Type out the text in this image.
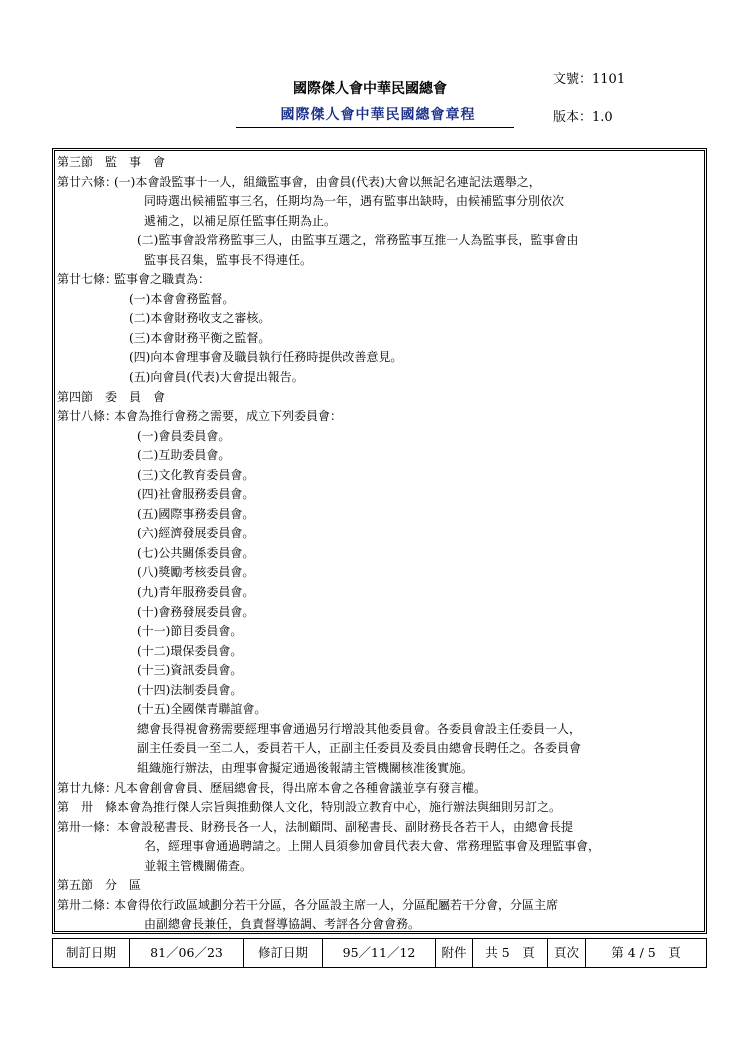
國際傑人會中華民國總會
國際傑人會中華民國總會章程
文號：1101
版本：1.0
第三節　監　事　會
第廿六條：
(一)本會設監事十一人，組織監事會，由會員(代表)大會以無記名連記法選舉之，
同時選出候補監事三名，任期均為一年，遇有監事出缺時，由候補監事分別依次
遞補之，以補足原任監事任期為止。
(二)監事會設常務監事三人，由監事互選之，常務監事互推一人為監事長，監事會由
監事長召集，監事長不得連任。
第廿七條：
監事會之職責為：
(一)本會會務監督。
(二)本會財務收支之審核。
(三)本會財務平衡之監督。
(四)向本會理事會及職員執行任務時提供改善意見。
(五)向會員(代表)大會提出報告。
第四節　委　員　會
第廿八條：
本會為推行會務之需要，成立下列委員會：
(一)會員委員會。
(二)互助委員會。
(三)文化教育委員會。
(四)社會服務委員會。
(五)國際事務委員會。
(六)經濟發展委員會。
(七)公共關係委員會。
(八)獎勵考核委員會。
(九)青年服務委員會。
(十)會務發展委員會。
(十一)節目委員會。
(十二)環保委員會。
(十三)資訊委員會。
(十四)法制委員會。
(十五)全國傑青聯誼會。
總會長得視會務需要經理事會通過另行增設其他委員會。各委員會設主任委員一人，
副主任委員一至二人，委員若干人，正副主任委員及委員由總會長聘任之。各委員會
組織施行辦法，由理事會擬定通過後報請主管機關核准後實施。
第廿九條：
凡本會創會會員、歷屆總會長，得出席本會之各種會議並享有發言權。
第　卅　條：
本會為推行傑人宗旨與推動傑人文化，特別設立教育中心，施行辦法與細則另訂之。
第卅一條： 本會設秘書長、財務長各一人，法制顧問、副秘書長、副財務長各若干人，由總會長提
名，經理事會通過聘請之。上開人員須參加會員代表大會、常務理監事會及理監事會，
並報主管機關備查。
第五節　分　區
第卅二條：
本會得依行政區域劃分若干分區，各分區設主席一人，分區配屬若干分會，分區主席
由副總會長兼任，負責督導協調、考評各分會會務。
制訂日期	81／06／23	修訂日期	95／11／12	附件	共 5　頁	頁次	第 4 / 5　頁
